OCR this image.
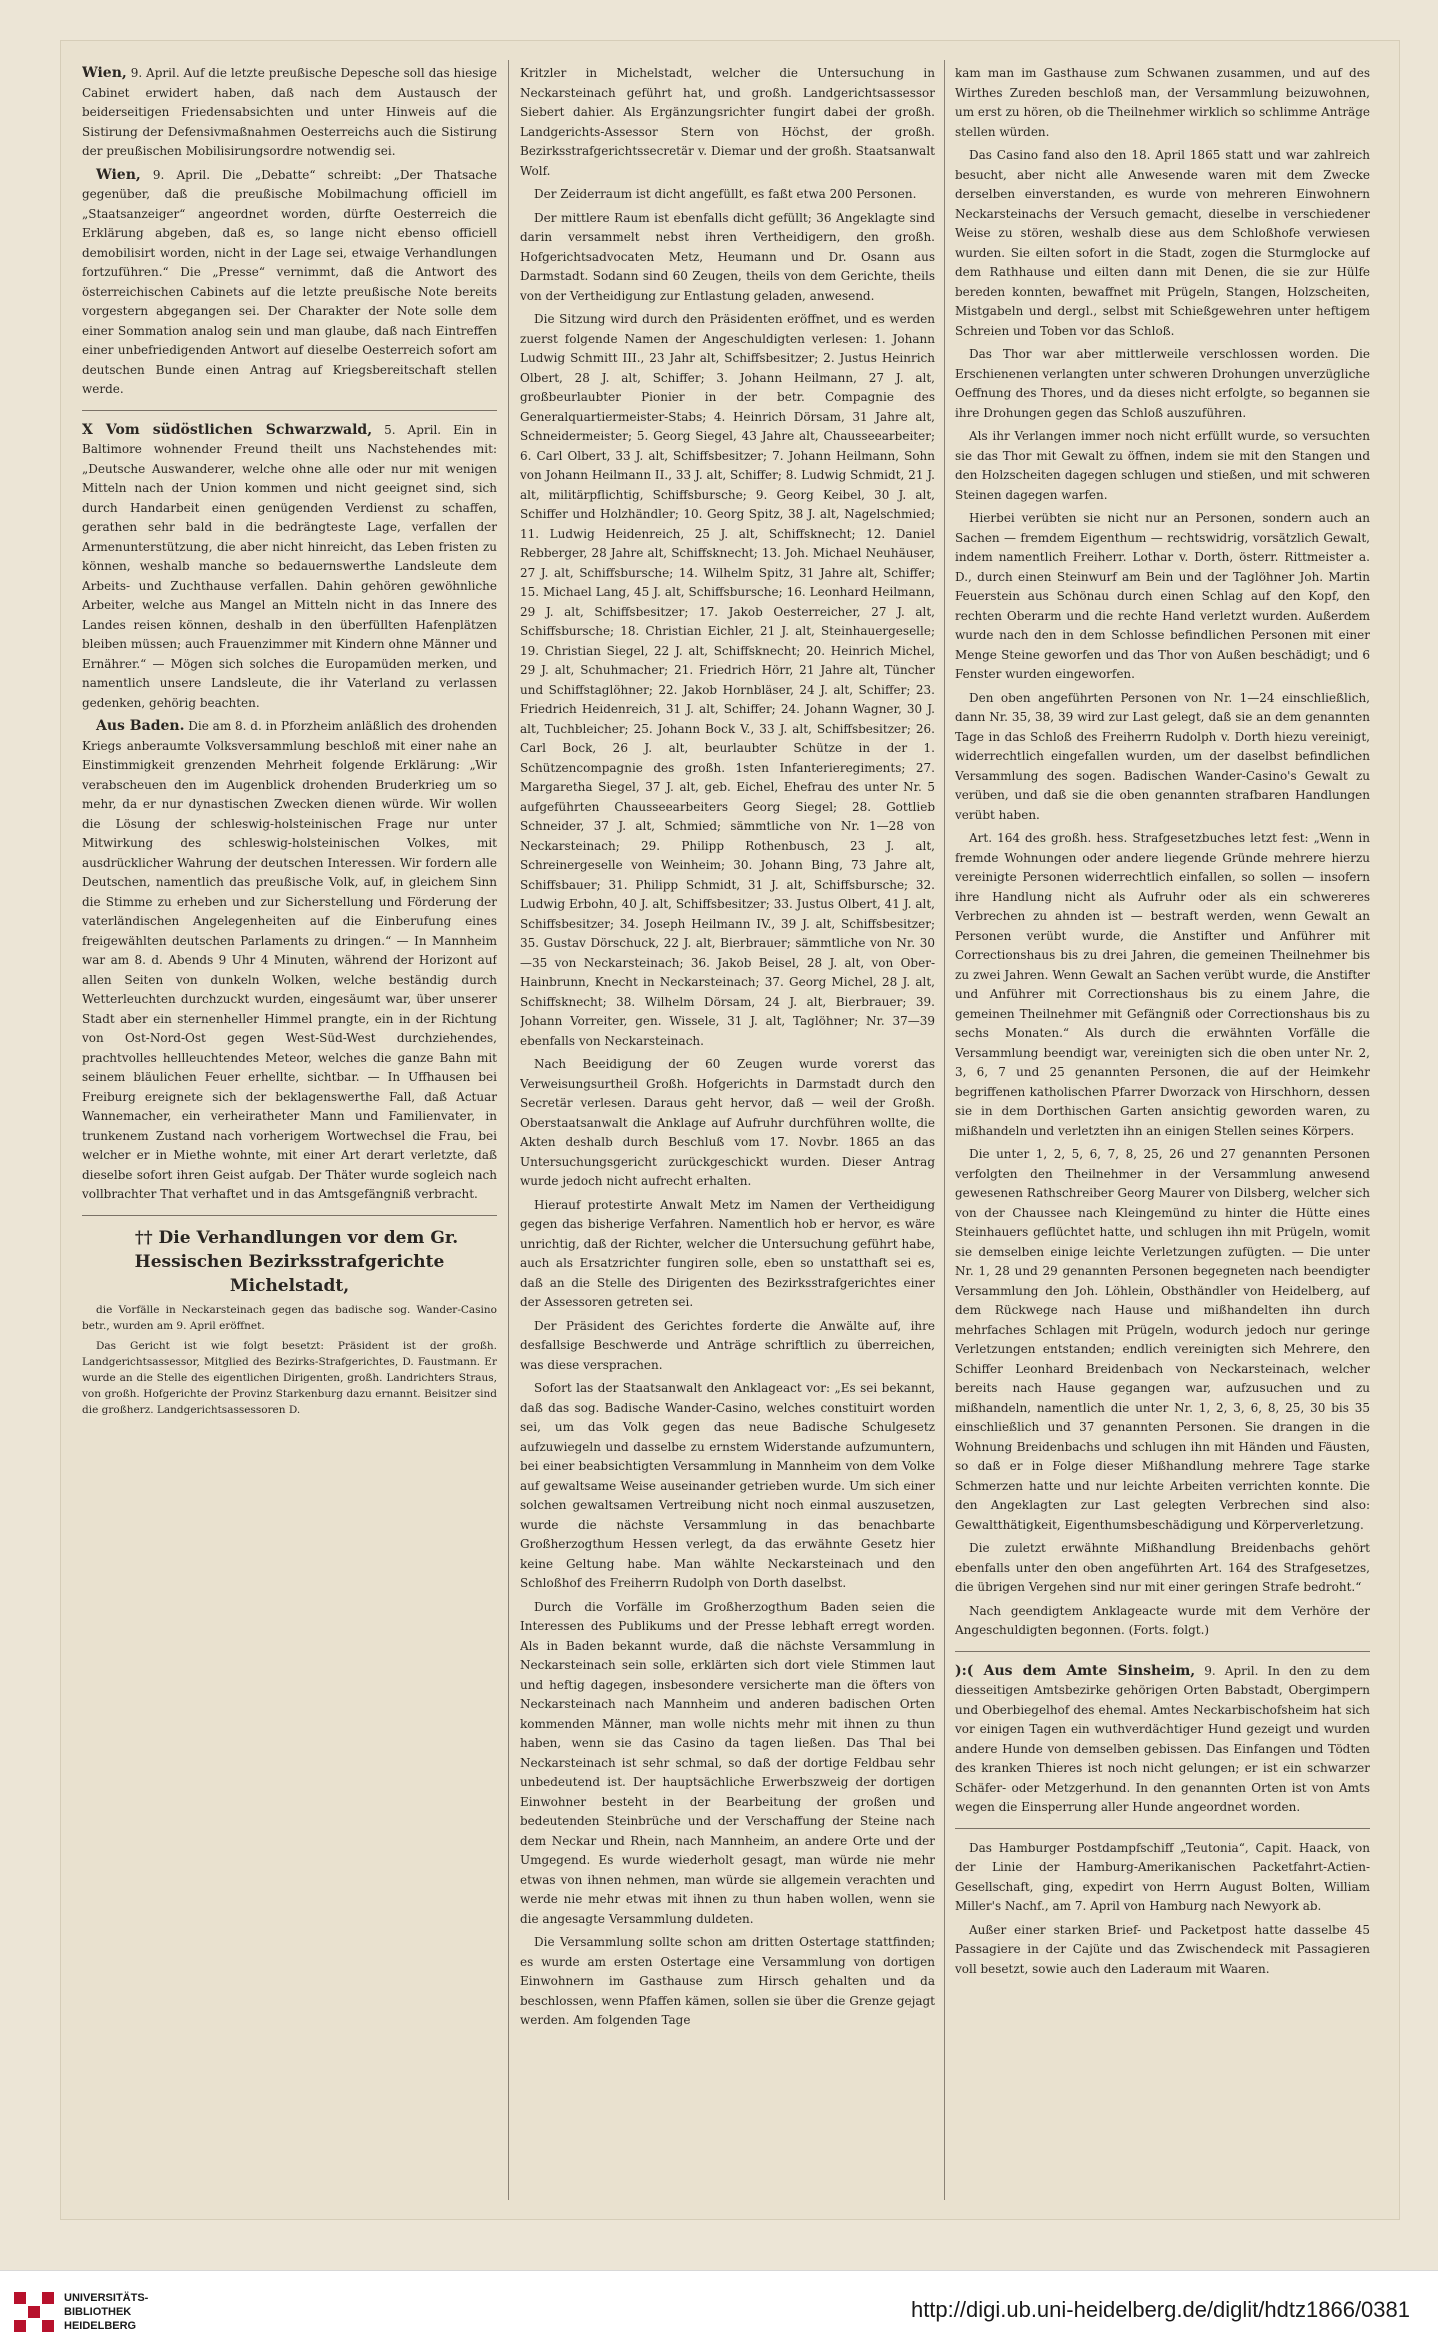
Wien, 9. April. Auf die letzte preußische Depesche soll das hiesige Cabinet erwidert haben, daß nach dem Austausch der beiderseitigen Friedensabsichten und unter Hinweis auf die Sistirung der Defensivmaßnahmen Oesterreichs auch die Sistirung der preußischen Mobilisirungsordre notwendig sei.

Wien, 9. April. Die „Debatte“ schreibt: „Der Thatsache gegenüber, daß die preußische Mobilmachung officiell im „Staatsanzeiger“ angeordnet worden, dürfte Oesterreich die Erklärung abgeben, daß es, so lange nicht ebenso officiell demobilisirt worden, nicht in der Lage sei, etwaige Verhandlungen fortzuführen.“ Die „Presse“ vernimmt, daß die Antwort des österreichischen Cabinets auf die letzte preußische Note bereits vorgestern abgegangen sei. Der Charakter der Note solle dem einer Sommation analog sein und man glaube, daß nach Eintreffen einer unbefriedigenden Antwort auf dieselbe Oesterreich sofort am deutschen Bunde einen Antrag auf Kriegsbereitschaft stellen werde.

X Vom südöstlichen Schwarzwald, 5. April. Ein in Baltimore wohnender Freund theilt uns Nachstehendes mit: „Deutsche Auswanderer, welche ohne alle oder nur mit wenigen Mitteln nach der Union kommen und nicht geeignet sind, sich durch Handarbeit einen genügenden Verdienst zu schaffen, gerathen sehr bald in die bedrängteste Lage, verfallen der Armenunterstützung, die aber nicht hinreicht, das Leben fristen zu können, weshalb manche so bedauernswerthe Landsleute dem Arbeits- und Zuchthause verfallen. Dahin gehören gewöhnliche Arbeiter, welche aus Mangel an Mitteln nicht in das Innere des Landes reisen können, deshalb in den überfüllten Hafenplätzen bleiben müssen; auch Frauenzimmer mit Kindern ohne Männer und Ernährer.“ — Mögen sich solches die Europamüden merken, und namentlich unsere Landsleute, die ihr Vaterland zu verlassen gedenken, gehörig beachten.

Aus Baden. Die am 8. d. in Pforzheim anläßlich des drohenden Kriegs anberaumte Volksversammlung beschloß mit einer nahe an Einstimmigkeit grenzenden Mehrheit folgende Erklärung: „Wir verabscheuen den im Augenblick drohenden Bruderkrieg um so mehr, da er nur dynastischen Zwecken dienen würde. Wir wollen die Lösung der schleswig-holsteinischen Frage nur unter Mitwirkung des schleswig-holsteinischen Volkes, mit ausdrücklicher Wahrung der deutschen Interessen. Wir fordern alle Deutschen, namentlich das preußische Volk, auf, in gleichem Sinn die Stimme zu erheben und zur Sicherstellung und Förderung der vaterländischen Angelegenheiten auf die Einberufung eines freigewählten deutschen Parlaments zu dringen.“ — In Mannheim war am 8. d. Abends 9 Uhr 4 Minuten, während der Horizont auf allen Seiten von dunkeln Wolken, welche beständig durch Wetterleuchten durchzuckt wurden, eingesäumt war, über unserer Stadt aber ein sternenheller Himmel prangte, ein in der Richtung von Ost-Nord-Ost gegen West-Süd-West durchziehendes, prachtvolles hellleuchtendes Meteor, welches die ganze Bahn mit seinem bläulichen Feuer erhellte, sichtbar. — In Uffhausen bei Freiburg ereignete sich der beklagenswerthe Fall, daß Actuar Wannemacher, ein verheiratheter Mann und Familienvater, in trunkenem Zustand nach vorherigem Wortwechsel die Frau, bei welcher er in Miethe wohnte, mit einer Art derart verletzte, daß dieselbe sofort ihren Geist aufgab. Der Thäter wurde sogleich nach vollbrachter That verhaftet und in das Amtsgefängniß verbracht.

†† Die Verhandlungen vor dem Gr. Hessischen Bezirksstrafgerichte Michelstadt,

die Vorfälle in Neckarsteinach gegen das badische sog. Wander-Casino betr., wurden am 9. April eröffnet.

Das Gericht ist wie folgt besetzt: Präsident ist der großh. Landgerichtsassessor, Mitglied des Bezirks-Strafgerichtes, D. Faustmann. Er wurde an die Stelle des eigentlichen Dirigenten, großh. Landrichters Straus, von großh. Hofgerichte der Provinz Starkenburg dazu ernannt. Beisitzer sind die großherz. Landgerichtsassessoren D.

Kritzler in Michelstadt, welcher die Untersuchung in Neckarsteinach geführt hat, und großh. Landgerichtsassessor Siebert dahier. Als Ergänzungsrichter fungirt dabei der großh. Landgerichts-Assessor Stern von Höchst, der großh. Bezirksstrafgerichtssecretär v. Diemar und der großh. Staatsanwalt Wolf.

Der Zeiderraum ist dicht angefüllt, es faßt etwa 200 Personen.

Der mittlere Raum ist ebenfalls dicht gefüllt; 36 Angeklagte sind darin versammelt nebst ihren Vertheidigern, den großh. Hofgerichtsadvocaten Metz, Heumann und Dr. Osann aus Darmstadt. Sodann sind 60 Zeugen, theils von dem Gerichte, theils von der Vertheidigung zur Entlastung geladen, anwesend.

Die Sitzung wird durch den Präsidenten eröffnet, und es werden zuerst folgende Namen der Angeschuldigten verlesen: 1. Johann Ludwig Schmitt III., 23 Jahr alt, Schiffsbesitzer; 2. Justus Heinrich Olbert, 28 J. alt, Schiffer; 3. Johann Heilmann, 27 J. alt, großbeurlaubter Pionier in der betr. Compagnie des Generalquartiermeister-Stabs; 4. Heinrich Dörsam, 31 Jahre alt, Schneidermeister; 5. Georg Siegel, 43 Jahre alt, Chausseearbeiter; 6. Carl Olbert, 33 J. alt, Schiffsbesitzer; 7. Johann Heilmann, Sohn von Johann Heilmann II., 33 J. alt, Schiffer; 8. Ludwig Schmidt, 21 J. alt, militärpflichtig, Schiffsbursche; 9. Georg Keibel, 30 J. alt, Schiffer und Holzhändler; 10. Georg Spitz, 38 J. alt, Nagelschmied; 11. Ludwig Heidenreich, 25 J. alt, Schiffsknecht; 12. Daniel Rebberger, 28 Jahre alt, Schiffsknecht; 13. Joh. Michael Neuhäuser, 27 J. alt, Schiffsbursche; 14. Wilhelm Spitz, 31 Jahre alt, Schiffer; 15. Michael Lang, 45 J. alt, Schiffsbursche; 16. Leonhard Heilmann, 29 J. alt, Schiffsbesitzer; 17. Jakob Oesterreicher, 27 J. alt, Schiffsbursche; 18. Christian Eichler, 21 J. alt, Steinhauergeselle; 19. Christian Siegel, 22 J. alt, Schiffsknecht; 20. Heinrich Michel, 29 J. alt, Schuhmacher; 21. Friedrich Hörr, 21 Jahre alt, Tüncher und Schiffstaglöhner; 22. Jakob Hornbläser, 24 J. alt, Schiffer; 23. Friedrich Heidenreich, 31 J. alt, Schiffer; 24. Johann Wagner, 30 J. alt, Tuchbleicher; 25. Johann Bock V., 33 J. alt, Schiffsbesitzer; 26. Carl Bock, 26 J. alt, beurlaubter Schütze in der 1. Schützencompagnie des großh. 1sten Infanterieregiments; 27. Margaretha Siegel, 37 J. alt, geb. Eichel, Ehefrau des unter Nr. 5 aufgeführten Chausseearbeiters Georg Siegel; 28. Gottlieb Schneider, 37 J. alt, Schmied; sämmtliche von Nr. 1—28 von Neckarsteinach; 29. Philipp Rothenbusch, 23 J. alt, Schreinergeselle von Weinheim; 30. Johann Bing, 73 Jahre alt, Schiffsbauer; 31. Philipp Schmidt, 31 J. alt, Schiffsbursche; 32. Ludwig Erbohn, 40 J. alt, Schiffsbesitzer; 33. Justus Olbert, 41 J. alt, Schiffsbesitzer; 34. Joseph Heilmann IV., 39 J. alt, Schiffsbesitzer; 35. Gustav Dörschuck, 22 J. alt, Bierbrauer; sämmtliche von Nr. 30—35 von Neckarsteinach; 36. Jakob Beisel, 28 J. alt, von Ober-Hainbrunn, Knecht in Neckarsteinach; 37. Georg Michel, 28 J. alt, Schiffsknecht; 38. Wilhelm Dörsam, 24 J. alt, Bierbrauer; 39. Johann Vorreiter, gen. Wissele, 31 J. alt, Taglöhner; Nr. 37—39 ebenfalls von Neckarsteinach.

Nach Beeidigung der 60 Zeugen wurde vorerst das Verweisungsurtheil Großh. Hofgerichts in Darmstadt durch den Secretär verlesen. Daraus geht hervor, daß — weil der Großh. Oberstaatsanwalt die Anklage auf Aufruhr durchführen wollte, die Akten deshalb durch Beschluß vom 17. Novbr. 1865 an das Untersuchungsgericht zurückgeschickt wurden. Dieser Antrag wurde jedoch nicht aufrecht erhalten.

Hierauf protestirte Anwalt Metz im Namen der Vertheidigung gegen das bisherige Verfahren. Namentlich hob er hervor, es wäre unrichtig, daß der Richter, welcher die Untersuchung geführt habe, auch als Ersatzrichter fungiren solle, eben so unstatthaft sei es, daß an die Stelle des Dirigenten des Bezirksstrafgerichtes einer der Assessoren getreten sei.

Der Präsident des Gerichtes forderte die Anwälte auf, ihre desfallsige Beschwerde und Anträge schriftlich zu überreichen, was diese versprachen.

Sofort las der Staatsanwalt den Anklageact vor: „Es sei bekannt, daß das sog. Badische Wander-Casino, welches constituirt worden sei, um das Volk gegen das neue Badische Schulgesetz aufzuwiegeln und dasselbe zu ernstem Widerstande aufzumuntern, bei einer beabsichtigten Versammlung in Mannheim von dem Volke auf gewaltsame Weise auseinander getrieben wurde. Um sich einer solchen gewaltsamen Vertreibung nicht noch einmal auszusetzen, wurde die nächste Versammlung in das benachbarte Großherzogthum Hessen verlegt, da das erwähnte Gesetz hier keine Geltung habe. Man wählte Neckarsteinach und den Schloßhof des Freiherrn Rudolph von Dorth daselbst.

Durch die Vorfälle im Großherzogthum Baden seien die Interessen des Publikums und der Presse lebhaft erregt worden. Als in Baden bekannt wurde, daß die nächste Versammlung in Neckarsteinach sein solle, erklärten sich dort viele Stimmen laut und heftig dagegen, insbesondere versicherte man die öfters von Neckarsteinach nach Mannheim und anderen badischen Orten kommenden Männer, man wolle nichts mehr mit ihnen zu thun haben, wenn sie das Casino da tagen ließen. Das Thal bei Neckarsteinach ist sehr schmal, so daß der dortige Feldbau sehr unbedeutend ist. Der hauptsächliche Erwerbszweig der dortigen Einwohner besteht in der Bearbeitung der großen und bedeutenden Steinbrüche und der Verschaffung der Steine nach dem Neckar und Rhein, nach Mannheim, an andere Orte und der Umgegend. Es wurde wiederholt gesagt, man würde nie mehr etwas von ihnen nehmen, man würde sie allgemein verachten und werde nie mehr etwas mit ihnen zu thun haben wollen, wenn sie die angesagte Versammlung duldeten.

Die Versammlung sollte schon am dritten Ostertage stattfinden; es wurde am ersten Ostertage eine Versammlung von dortigen Einwohnern im Gasthause zum Hirsch gehalten und da beschlossen, wenn Pfaffen kämen, sollen sie über die Grenze gejagt werden. Am folgenden Tage

kam man im Gasthause zum Schwanen zusammen, und auf des Wirthes Zureden beschloß man, der Versammlung beizuwohnen, um erst zu hören, ob die Theilnehmer wirklich so schlimme Anträge stellen würden.

Das Casino fand also den 18. April 1865 statt und war zahlreich besucht, aber nicht alle Anwesende waren mit dem Zwecke derselben einverstanden, es wurde von mehreren Einwohnern Neckarsteinachs der Versuch gemacht, dieselbe in verschiedener Weise zu stören, weshalb diese aus dem Schloßhofe verwiesen wurden. Sie eilten sofort in die Stadt, zogen die Sturmglocke auf dem Rathhause und eilten dann mit Denen, die sie zur Hülfe bereden konnten, bewaffnet mit Prügeln, Stangen, Holzscheiten, Mistgabeln und dergl., selbst mit Schießgewehren unter heftigem Schreien und Toben vor das Schloß.

Das Thor war aber mittlerweile verschlossen worden. Die Erschienenen verlangten unter schweren Drohungen unverzügliche Oeffnung des Thores, und da dieses nicht erfolgte, so begannen sie ihre Drohungen gegen das Schloß auszuführen.

Als ihr Verlangen immer noch nicht erfüllt wurde, so versuchten sie das Thor mit Gewalt zu öffnen, indem sie mit den Stangen und den Holzscheiten dagegen schlugen und stießen, und mit schweren Steinen dagegen warfen.

Hierbei verübten sie nicht nur an Personen, sondern auch an Sachen — fremdem Eigenthum — rechtswidrig, vorsätzlich Gewalt, indem namentlich Freiherr. Lothar v. Dorth, österr. Rittmeister a. D., durch einen Steinwurf am Bein und der Taglöhner Joh. Martin Feuerstein aus Schönau durch einen Schlag auf den Kopf, den rechten Oberarm und die rechte Hand verletzt wurden. Außerdem wurde nach den in dem Schlosse befindlichen Personen mit einer Menge Steine geworfen und das Thor von Außen beschädigt; und 6 Fenster wurden eingeworfen.

Den oben angeführten Personen von Nr. 1—24 einschließlich, dann Nr. 35, 38, 39 wird zur Last gelegt, daß sie an dem genannten Tage in das Schloß des Freiherrn Rudolph v. Dorth hiezu vereinigt, widerrechtlich eingefallen wurden, um der daselbst befindlichen Versammlung des sogen. Badischen Wander-Casino's Gewalt zu verüben, und daß sie die oben genannten strafbaren Handlungen verübt haben.

Art. 164 des großh. hess. Strafgesetzbuches letzt fest: „Wenn in fremde Wohnungen oder andere liegende Gründe mehrere hierzu vereinigte Personen widerrechtlich einfallen, so sollen — insofern ihre Handlung nicht als Aufruhr oder als ein schwereres Verbrechen zu ahnden ist — bestraft werden, wenn Gewalt an Personen verübt wurde, die Anstifter und Anführer mit Correctionshaus bis zu drei Jahren, die gemeinen Theilnehmer bis zu zwei Jahren. Wenn Gewalt an Sachen verübt wurde, die Anstifter und Anführer mit Correctionshaus bis zu einem Jahre, die gemeinen Theilnehmer mit Gefängniß oder Correctionshaus bis zu sechs Monaten.“ Als durch die erwähnten Vorfälle die Versammlung beendigt war, vereinigten sich die oben unter Nr. 2, 3, 6, 7 und 25 genannten Personen, die auf der Heimkehr begriffenen katholischen Pfarrer Dworzack von Hirschhorn, dessen sie in dem Dorthischen Garten ansichtig geworden waren, zu mißhandeln und verletzten ihn an einigen Stellen seines Körpers.

Die unter 1, 2, 5, 6, 7, 8, 25, 26 und 27 genannten Personen verfolgten den Theilnehmer in der Versammlung anwesend gewesenen Rathschreiber Georg Maurer von Dilsberg, welcher sich von der Chaussee nach Kleingemünd zu hinter die Hütte eines Steinhauers geflüchtet hatte, und schlugen ihn mit Prügeln, womit sie demselben einige leichte Verletzungen zufügten. — Die unter Nr. 1, 28 und 29 genannten Personen begegneten nach beendigter Versammlung den Joh. Löhlein, Obsthändler von Heidelberg, auf dem Rückwege nach Hause und mißhandelten ihn durch mehrfaches Schlagen mit Prügeln, wodurch jedoch nur geringe Verletzungen entstanden; endlich vereinigten sich Mehrere, den Schiffer Leonhard Breidenbach von Neckarsteinach, welcher bereits nach Hause gegangen war, aufzusuchen und zu mißhandeln, namentlich die unter Nr. 1, 2, 3, 6, 8, 25, 30 bis 35 einschließlich und 37 genannten Personen. Sie drangen in die Wohnung Breidenbachs und schlugen ihn mit Händen und Fäusten, so daß er in Folge dieser Mißhandlung mehrere Tage starke Schmerzen hatte und nur leichte Arbeiten verrichten konnte. Die den Angeklagten zur Last gelegten Verbrechen sind also: Gewaltthätigkeit, Eigenthumsbeschädigung und Körperverletzung.

Die zuletzt erwähnte Mißhandlung Breidenbachs gehört ebenfalls unter den oben angeführten Art. 164 des Strafgesetzes, die übrigen Vergehen sind nur mit einer geringen Strafe bedroht.“

Nach geendigtem Anklageacte wurde mit dem Verhöre der Angeschuldigten begonnen. (Forts. folgt.)

):( Aus dem Amte Sinsheim, 9. April. In den zu dem diesseitigen Amtsbezirke gehörigen Orten Babstadt, Obergimpern und Oberbiegelhof des ehemal. Amtes Neckarbischofsheim hat sich vor einigen Tagen ein wuthverdächtiger Hund gezeigt und wurden andere Hunde von demselben gebissen. Das Einfangen und Tödten des kranken Thieres ist noch nicht gelungen; er ist ein schwarzer Schäfer- oder Metzgerhund. In den genannten Orten ist von Amts wegen die Einsperrung aller Hunde angeordnet worden.

Das Hamburger Postdampfschiff „Teutonia“, Capit. Haack, von der Linie der Hamburg-Amerikanischen Packetfahrt-Actien-Gesellschaft, ging, expedirt von Herrn August Bolten, William Miller's Nachf., am 7. April von Hamburg nach Newyork ab.

Außer einer starken Brief- und Packetpost hatte dasselbe 45 Passagiere in der Cajüte und das Zwischendeck mit Passagieren voll besetzt, sowie auch den Laderaum mit Waaren.

UNIVERSITÄTS-
BIBLIOTHEK
HEIDELBERG
http://digi.ub.uni-heidelberg.de/diglit/hdtz1866/0381
